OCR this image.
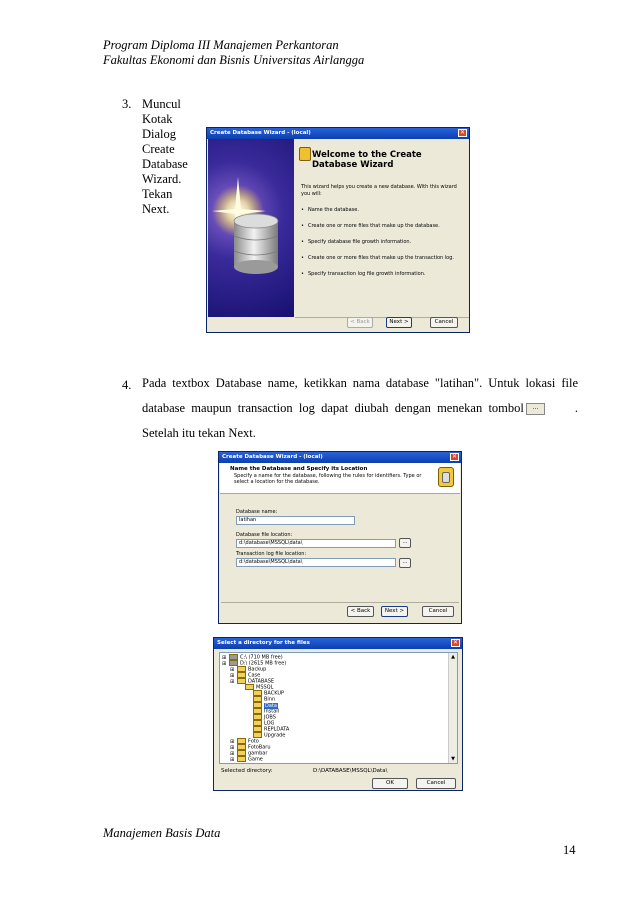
Program Diploma III Manajemen Perkantoran
Fakultas Ekonomi dan Bisnis Universitas Airlangga
3. Muncul Kotak Dialog Create Database Wizard. Tekan Next.
Create Database Wizard - (local)	✕
Welcome to the Create
Database Wizard
This wizard helps you create a new database. With this wizard you will:
• Name the database.
• Create one or more files that make up the database.
• Specify database file growth information.
• Create one or more files that make up the transaction log.
• Specify transaction log file growth information.
< Back	Next >	Cancel
4. Pada textbox Database name, ketikkan nama database "latihan". Untuk lokasi file
database maupun transaction log dapat diubah dengan menekan tombol	...	.
Setelah itu tekan Next.
Create Database Wizard - (local)	✕
Name the Database and Specify its Location
Specify a name for the database, following the rules for identifiers. Type or select a location for the database.
Database name:
latihan
Database file location:
d:\database\MSSQL\data\	...
Transaction log file location:
d:\database\MSSQL\data\	...
< Back	Next >	Cancel
Select a directory for the files	✕
⊞	C:\ (710 MB free)
⊞	D:\ (2615 MB free)
⊞	Backup
⊞	Case
⊞	DATABASE
MSSQL
BACKUP
Binn
Data
Install
JOBS
LOG
REPLDATA
Upgrade
⊞	Foto
⊞	FotoBaru
⊞	gambar
⊞	Game
▲
▼
Selected directory:	D:\DATABASE\MSSQL\Data\
OK	Cancel
Manajemen Basis Data
14
